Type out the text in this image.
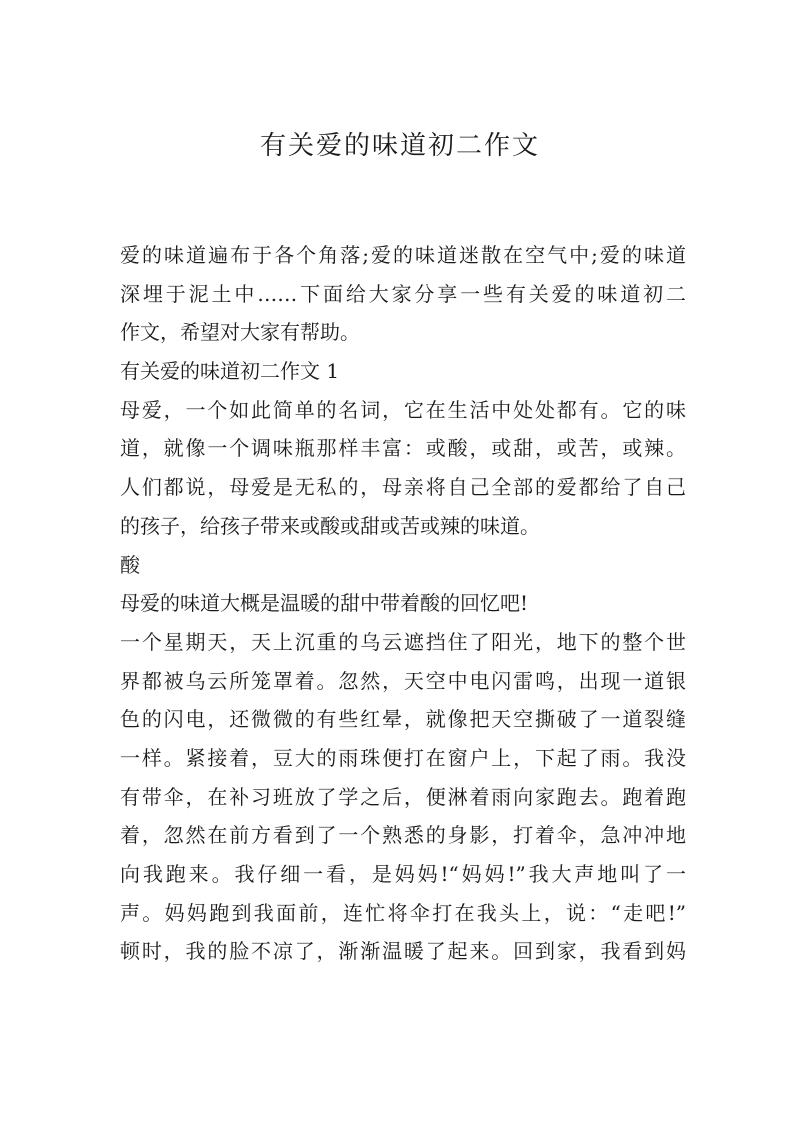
有关爱的味道初二作文

爱的味道遍布于各个角落;爱的味道迷散在空气中;爱的味道

深埋于泥土中……下面给大家分享一些有关爱的味道初二

作文，希望对大家有帮助。

有关爱的味道初二作文 1

母爱，一个如此简单的名词，它在生活中处处都有。它的味

道，就像一个调味瓶那样丰富：或酸，或甜，或苦，或辣。

人们都说，母爱是无私的，母亲将自己全部的爱都给了自己

的孩子，给孩子带来或酸或甜或苦或辣的味道。

酸

母爱的味道大概是温暖的甜中带着酸的回忆吧!

一个星期天，天上沉重的乌云遮挡住了阳光，地下的整个世

界都被乌云所笼罩着。忽然，天空中电闪雷鸣，出现一道银

色的闪电，还微微的有些红晕，就像把天空撕破了一道裂缝

一样。紧接着，豆大的雨珠便打在窗户上，下起了雨。我没

有带伞，在补习班放了学之后，便淋着雨向家跑去。跑着跑

着，忽然在前方看到了一个熟悉的身影，打着伞，急冲冲地

向我跑来。我仔细一看，是妈妈!“妈妈!”我大声地叫了一

声。妈妈跑到我面前，连忙将伞打在我头上，说：“走吧!”

顿时，我的脸不凉了，渐渐温暖了起来。回到家，我看到妈
